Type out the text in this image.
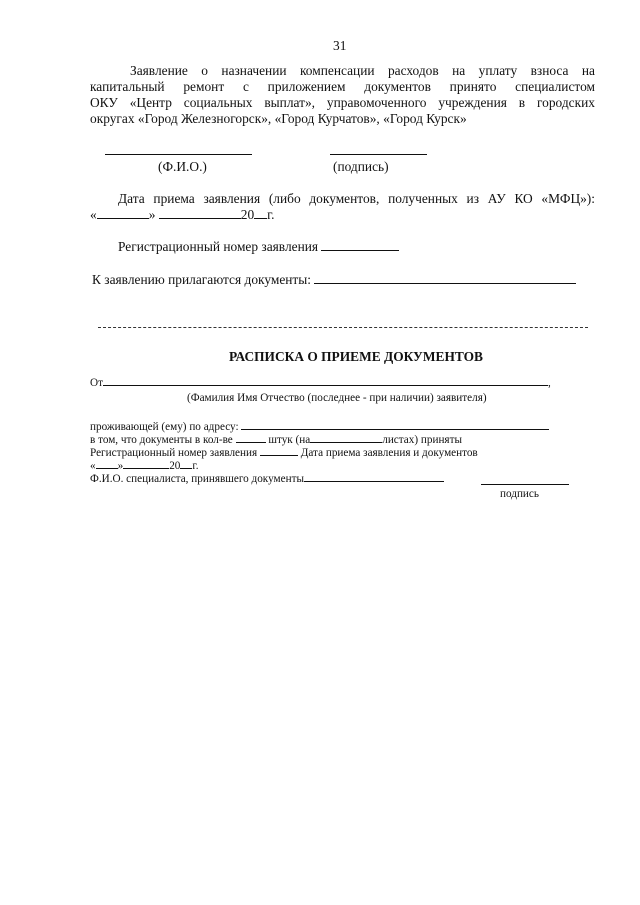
31
Заявление о назначении компенсации расходов на уплату взноса на
капитальный ремонт с приложением документов принято специалистом
ОКУ «Центр социальных выплат», управомоченного учреждения в городских
округах «Город Железногорск», «Город Курчатов», «Город Курск»
(Ф.И.О.)	(подпись)
Дата приема заявления (либо документов, полученных из АУ КО «МФЦ»):
«	»	20 г.
Регистрационный номер заявления
К заявлению прилагаются документы:
РАСПИСКА О ПРИЕМЕ ДОКУМЕНТОВ
От	,
(Фамилия Имя Отчество (последнее - при наличии) заявителя)
проживающей (ему) по адресу:
в том, что документы в кол-ве	штук (на	листах) приняты
Регистрационный номер заявления	Дата приема заявления и документов
« »	20 г.
Ф.И.О. специалиста, принявшего документы
подпись
